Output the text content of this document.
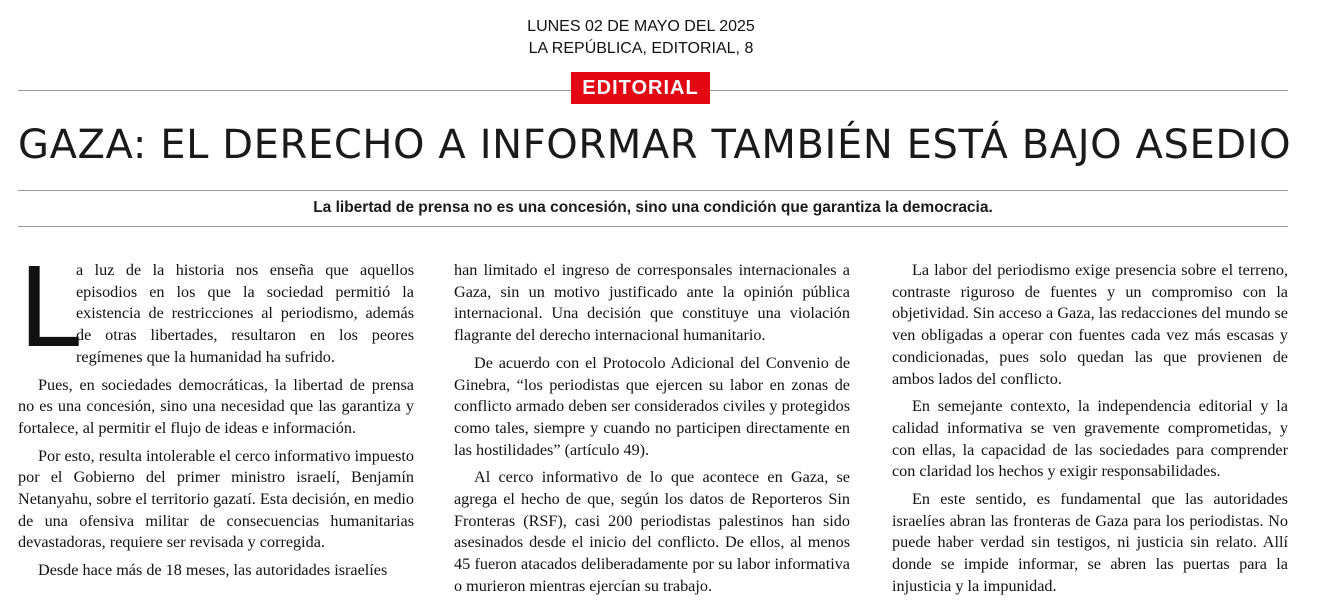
LUNES 02 DE MAYO DEL 2025
LA REPÚBLICA, EDITORIAL, 8
EDITORIAL
GAZA: EL DERECHO A INFORMAR TAMBIÉN ESTÁ BAJO ASEDIO
La libertad de prensa no es una concesión, sino una condición que garantiza la democracia.
L

a luz de la historia nos enseña que aquellos episodios en los que la sociedad permitió la existencia de restricciones al periodismo, además de otras libertades, resultaron en los peores regímenes que la humanidad ha sufrido.

Pues, en sociedades democráticas, la libertad de prensa no es una concesión, sino una necesidad que las garantiza y fortalece, al permitir el flujo de ideas e información.

Por esto, resulta intolerable el cerco informativo impuesto por el Gobierno del primer ministro israelí, Benjamín Netanyahu, sobre el territorio gazatí. Esta decisión, en medio de una ofensiva militar de consecuencias humanitarias devastadoras, requiere ser revisada y corregida.

Desde hace más de 18 meses, las autoridades israelíes

han limitado el ingreso de corresponsales internacionales a Gaza, sin un motivo justificado ante la opinión pública internacional. Una decisión que constituye una violación flagrante del derecho internacional humanitario.

De acuerdo con el Protocolo Adicional del Convenio de Ginebra, “los periodistas que ejercen su labor en zonas de conflicto armado deben ser considerados civiles y protegidos como tales, siempre y cuando no participen directamente en las hostilidades” (artículo 49).

Al cerco informativo de lo que acontece en Gaza, se agrega el hecho de que, según los datos de Reporteros Sin Fronteras (RSF), casi 200 periodistas palestinos han sido asesinados desde el inicio del conflicto. De ellos, al menos 45 fueron atacados deliberadamente por su labor informativa o murieron mientras ejercían su trabajo.

La labor del periodismo exige presencia sobre el terreno, contraste riguroso de fuentes y un compromiso con la objetividad. Sin acceso a Gaza, las redacciones del mundo se ven obligadas a operar con fuentes cada vez más escasas y condicionadas, pues solo quedan las que provienen de ambos lados del conflicto.

En semejante contexto, la independencia editorial y la calidad informativa se ven gravemente comprometidas, y con ellas, la capacidad de las sociedades para comprender con claridad los hechos y exigir responsabilidades.

En este sentido, es fundamental que las autoridades israelíes abran las fronteras de Gaza para los periodistas. No puede haber verdad sin testigos, ni justicia sin relato. Allí donde se impide informar, se abren las puertas para la injusticia y la impunidad.
